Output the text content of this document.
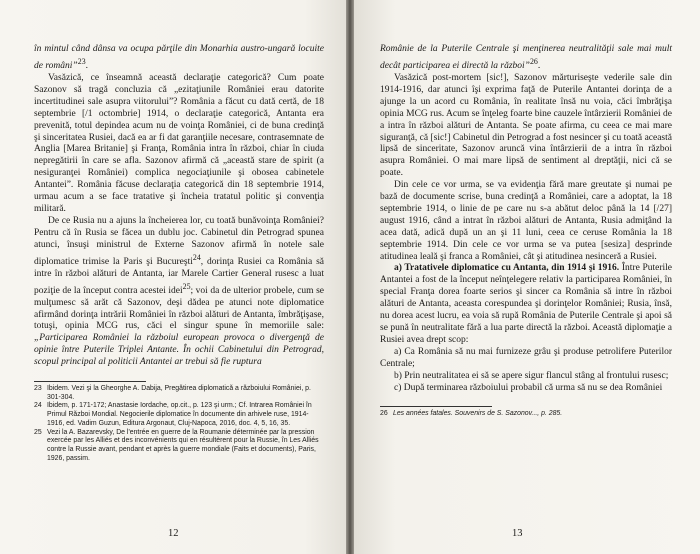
în mintul când dânsa va ocupa părţile din Monarhia austro-ungară locuite de români”$^{23}$.

Vasăzică, ce înseamnă această declaraţie categorică? Cum poate Sazonov să tragă concluzia că „ezitaţiunile României erau datorite incertitudinei sale asupra viitorului”? România a făcut cu dată certă, de 18 septembrie [/1 octombrie] 1914, o declaraţie categorică, Antanta era prevenită, totul depindea acum nu de voinţa României, ci de buna credinţă şi sinceritatea Rusiei, dacă ea ar fi dat garanţiile necesare, contrasemnate de Anglia [Marea Britanie] şi Franţa, România intra în război, chiar în ciuda nepregătirii în care se afla. Sazonov afirmă că „această stare de spirit (a nesiguranţei României) complica negociaţiunile şi obosea cabinetele Antantei”. România făcuse declaraţia categorică din 18 septembrie 1914, urmau acum a se face tratative şi încheia tratatul politic şi convenţia militară.

De ce Rusia nu a ajuns la încheierea lor, cu toată bunăvoinţa României? Pentru că în Rusia se făcea un dublu joc. Cabinetul din Petrograd spunea atunci, însuşi ministrul de Externe Sazonov afirmă în notele sale diplomatice trimise la Paris şi Bucureşti$^{24}$, dorinţa Rusiei ca România să intre în război alături de Antanta, iar Marele Cartier General rusesc a luat poziţie de la început contra acestei idei$^{25}$; voi da de ulterior probele, cum se mulţumesc să arăt că Sazonov, deşi dădea pe atunci note diplomatice afirmând dorinţa intrării României în război alături de Antanta, îmbrăţişase, totuşi, opinia MCG rus, căci el singur spune în memoriile sale: „Participarea României la războiul european provoca o divergenţă de opinie între Puterile Triplei Antante. În ochii Cabinetului din Petrograd, scopul principal al politicii Antantei ar trebui să fie ruptura

23 Ibidem. Vezi şi la Gheorghe A. Dabija, Pregătirea diplomatică a războiului României, p. 301-304.
24 Ibidem, p. 171-172; Anastasie Iordache, op.cit., p. 123 şi urm.; Cf. Intrarea României în Primul Război Mondial. Negocierile diplomatice în documente din arhivele ruse, 1914-1916, ed. Vadim Guzun, Editura Argonaut, Cluj-Napoca, 2016, doc. 4, 5, 16, 35.
25 Vezi la A. Bazarevsky, De l'entrée en guerre de la Roumanie déterminée par la pression exercée par les Alliés et des inconvénients qui en résultèrent pour la Russie, în Les Alliés contre la Russie avant, pendant et après la guerre mondiale (Faits et documents), Paris, 1926, passim.
12

Românie de la Puterile Centrale şi menţinerea neutralităţii sale mai mult decât participarea ei directă la război”$^{26}$.

Vasăzică post-mortem [sic!], Sazonov mărturiseşte vederile sale din 1914-1916, dar atunci îşi exprima faţă de Puterile Antantei dorinţa de a ajunge la un acord cu România, în realitate însă nu voia, căci îmbrăţişa opinia MCG rus. Acum se înţeleg foarte bine cauzele întârzierii României de a intra în război alături de Antanta. Se poate afirma, cu ceea ce mai mare siguranţă, că [sic!] Cabinetul din Petrograd a fost nesincer şi cu toată această lipsă de sinceritate, Sazonov aruncă vina întârzierii de a intra în război asupra României. O mai mare lipsă de sentiment al dreptăţii, nici că se poate.

Din cele ce vor urma, se va evidenţia fără mare greutate şi numai pe bază de documente scrise, buna credinţă a României, care a adoptat, la 18 septembrie 1914, o linie de pe care nu s-a abătut deloc până la 14 [/27] august 1916, când a intrat în război alături de Antanta, Rusia admiţând la acea dată, adică după un an şi 11 luni, ceea ce ceruse România la 18 septembrie 1914. Din cele ce vor urma se va putea [sesiza] desprinde atitudinea leală şi franca a României, cât şi atitudinea nesinceră a Rusiei.

a) Tratativele diplomatice cu Antanta, din 1914 şi 1916. Între Puterile Antantei a fost de la început neînţelegere relativ la participarea României, în special Franţa dorea foarte serios şi sincer ca România să intre în război alături de Antanta, aceasta corespundea şi dorinţelor României; Rusia, însă, nu dorea acest lucru, ea voia să rupă România de Puterile Centrale şi apoi să se pună în neutralitate fără a lua parte directă la război. Această diplomaţie a Rusiei avea drept scop:

a) Ca România să nu mai furnizeze grâu şi produse petrolifere Puterilor Centrale;

b) Prin neutralitatea ei să se apere sigur flancul stâng al frontului rusesc;

c) După terminarea războiului probabil că urma să nu se dea României

26 Les années fatales. Souvenirs de S. Sazonov..., p. 285.
13
